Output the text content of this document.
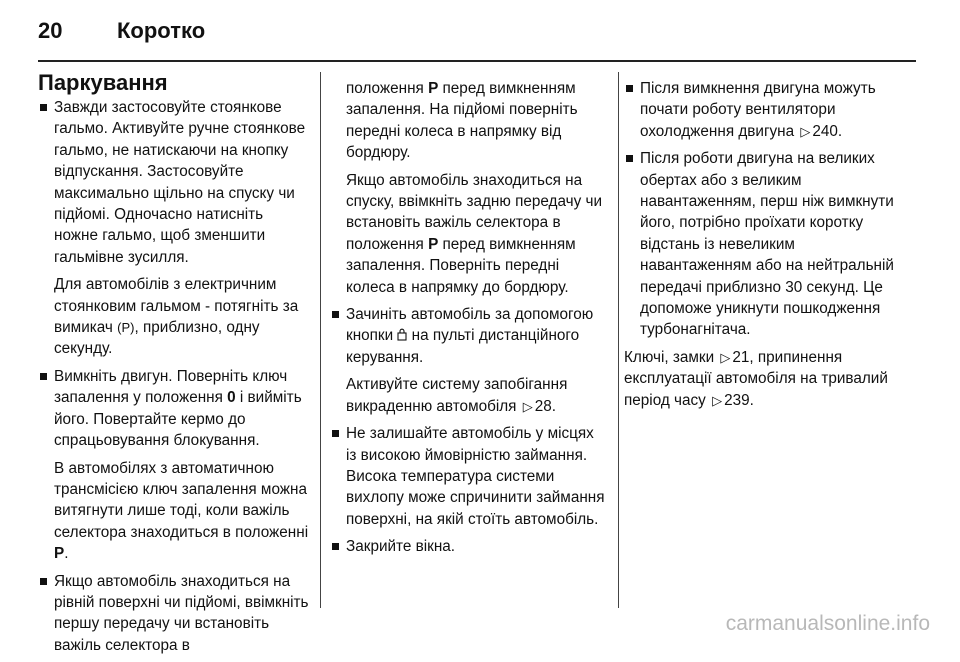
20 Коротко
Паркування
Завжди застосовуйте стоянкове гальмо. Активуйте ручне стоянкове гальмо, не натискаючи на кнопку відпускання. Застосовуйте максимально щільно на спуску чи підйомі. Одночасно натисніть ножне гальмо, щоб зменшити гальмівне зусилля.
Для автомобілів з електричним стоянковим гальмом - потягніть за вимикач (P), приблизно, одну секунду.
Вимкніть двигун. Поверніть ключ запалення у положення 0 і вийміть його. Повертайте кермо до спрацьовування блокування.
В автомобілях з автоматичною трансмісією ключ запалення можна витягнути лише тоді, коли важіль селектора знаходиться в положенні P.
Якщо автомобіль знаходиться на рівній поверхні чи підйомі, ввімкніть першу передачу чи встановіть важіль селектора в
положення P перед вимкненням запалення. На підйомі поверніть передні колеса в напрямку від бордюру.
Якщо автомобіль знаходиться на спуску, ввімкніть задню передачу чи встановіть важіль селектора в положення P перед вимкненням запалення. Поверніть передні колеса в напрямку до бордюру.
Зачиніть автомобіль за допомогою кнопки на пульті дистанційного керування.
Активуйте систему запобігання викраденню автомобіля ▷ 28.
Не залишайте автомобіль у місцях із високою ймовірністю займання. Висока температура системи вихлопу може спричинити займання поверхні, на якій стоїть автомобіль.
Закрийте вікна.
Після вимкнення двигуна можуть почати роботу вентилятори охолодження двигуна ▷ 240.
Після роботи двигуна на великих обертах або з великим навантаженням, перш ніж вимкнути його, потрібно проїхати коротку відстань із невеликим навантаженням або на нейтральній передачі приблизно 30 секунд. Це допоможе уникнути пошкодження турбонагнітача.
Ключі, замки ▷ 21, припинення експлуатації автомобіля на тривалий період часу ▷ 239.
carmanualsonline.info
